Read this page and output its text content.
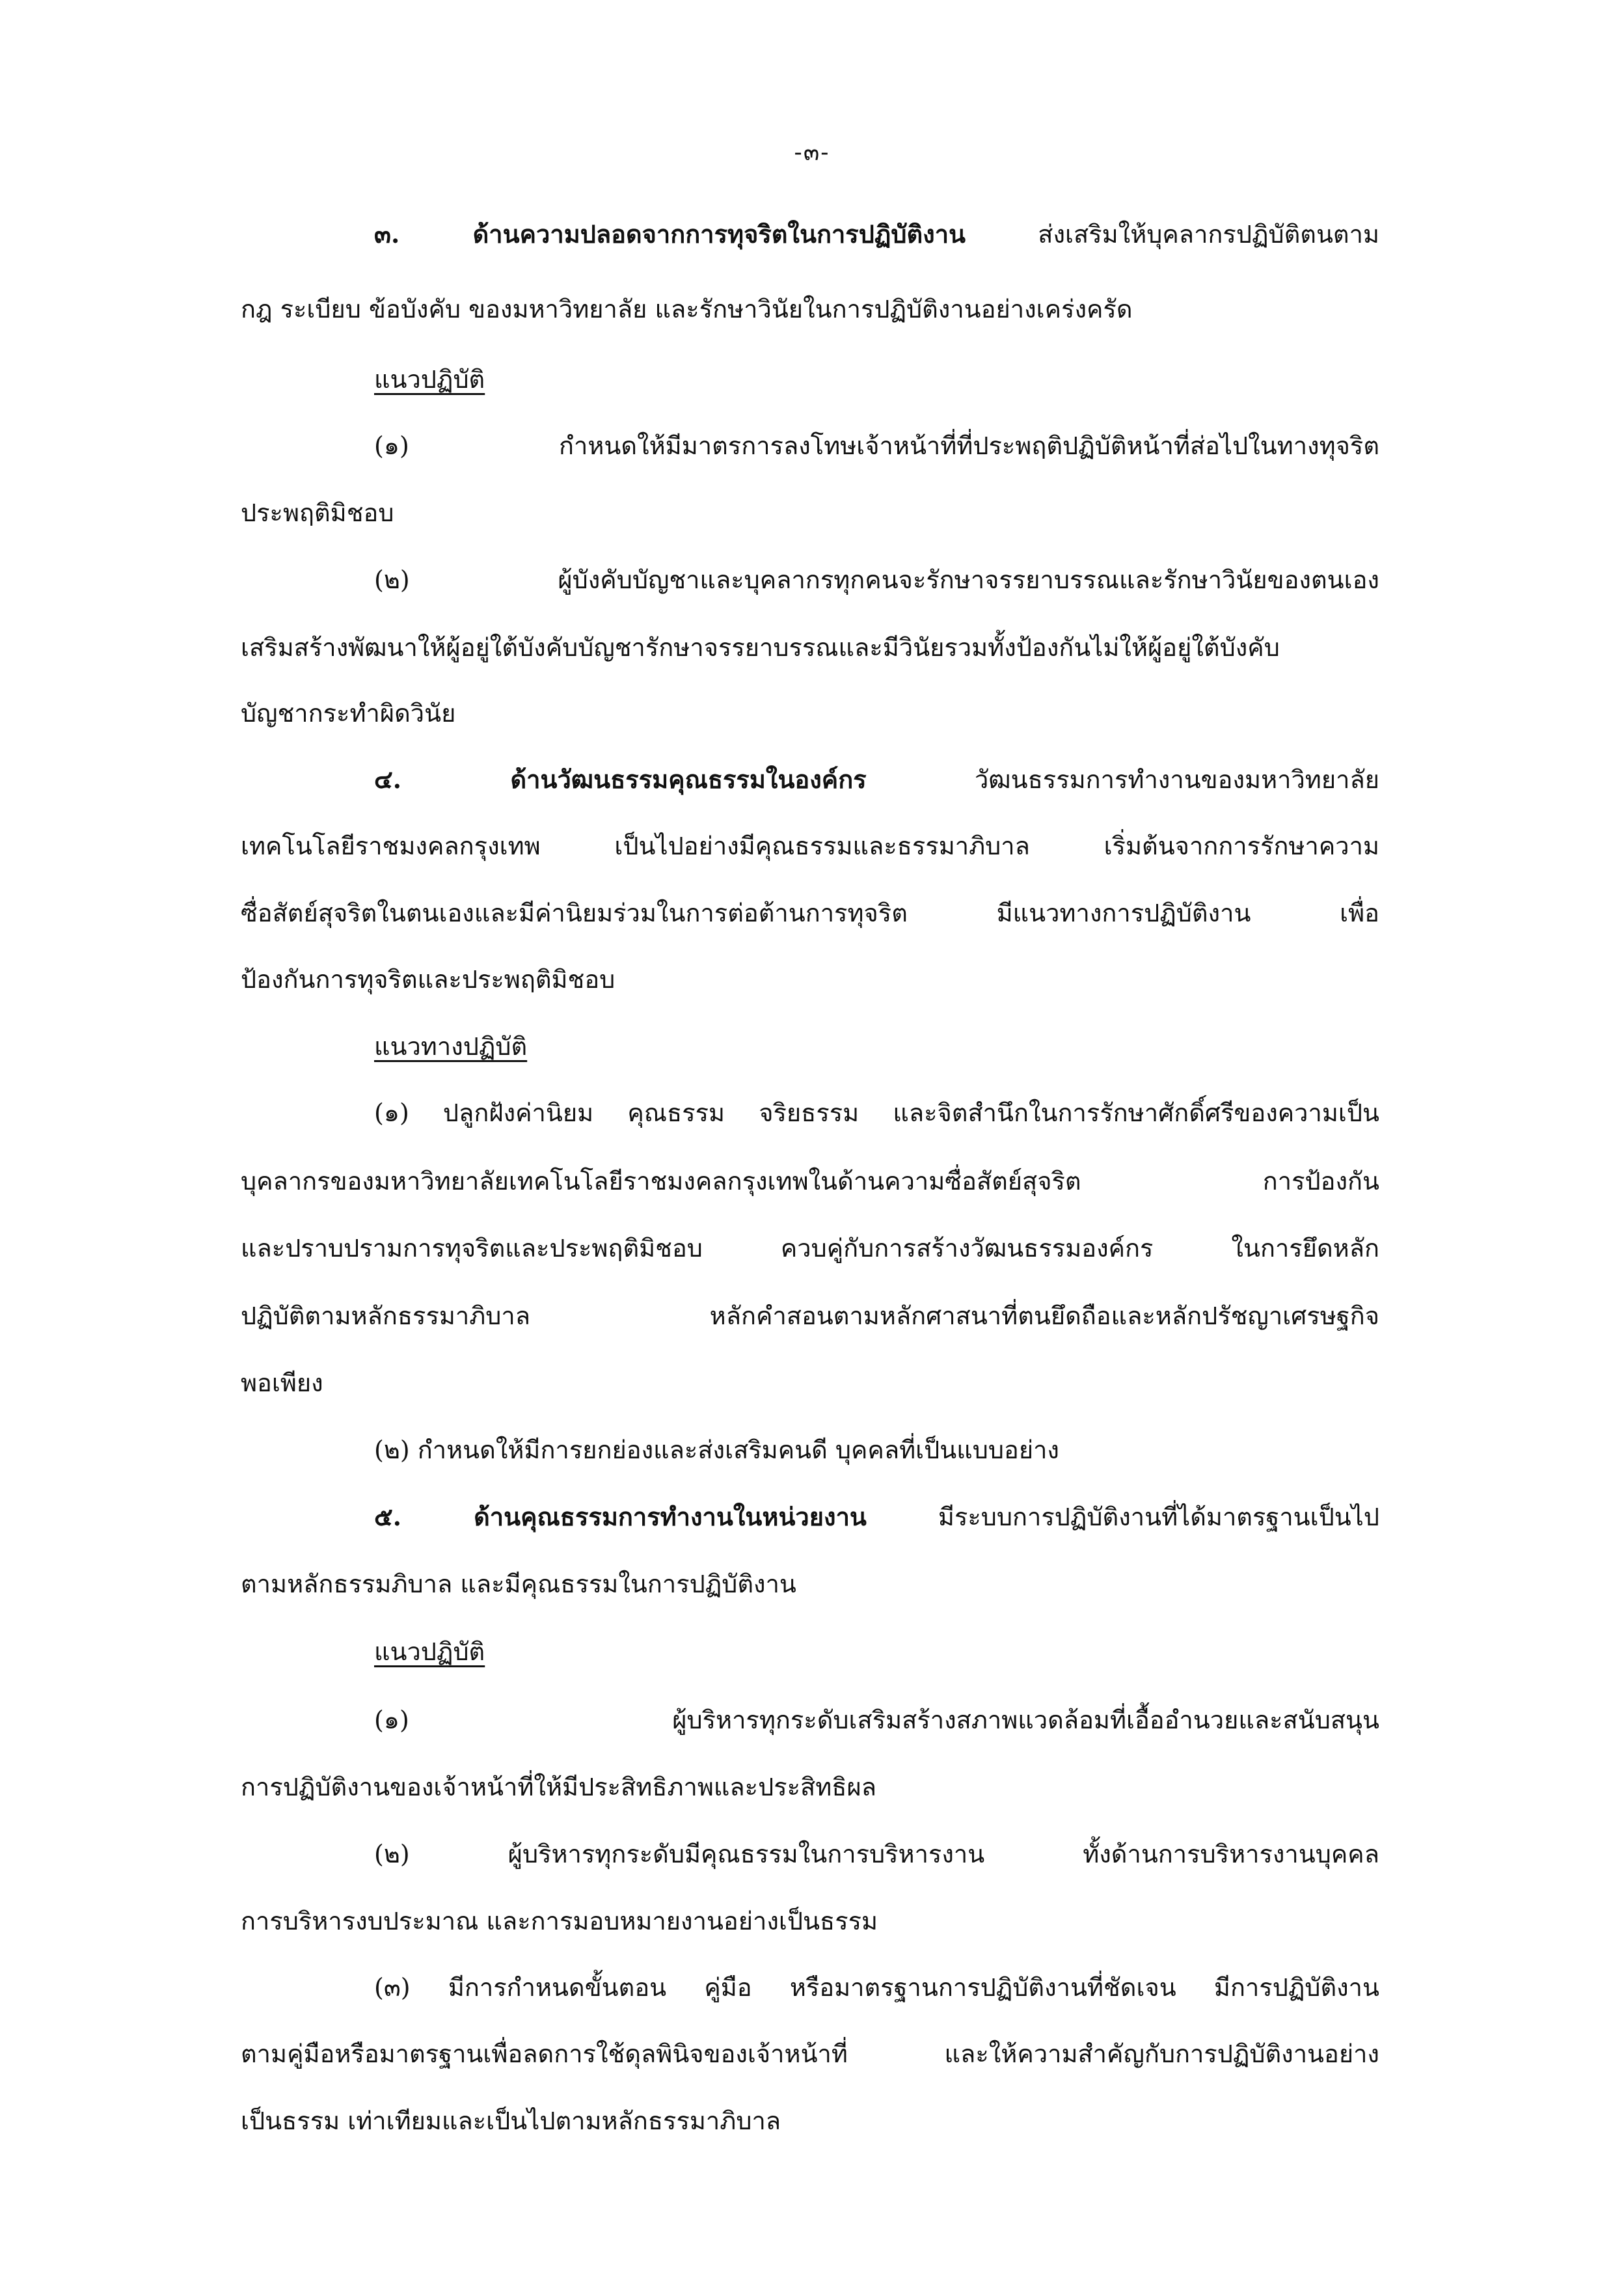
-๓-
๓. ด้านความปลอดจากการทุจริตในการปฏิบัติงาน ส่งเสริมให้บุคลากรปฏิบัติตนตาม
กฎ ระเบียบ ข้อบังคับ ของมหาวิทยาลัย และรักษาวินัยในการปฏิบัติงานอย่างเคร่งครัด
แนวปฏิบัติ
(๑) กำหนดให้มีมาตรการลงโทษเจ้าหน้าที่ที่ประพฤติปฏิบัติหน้าที่ส่อไปในทางทุจริต
ประพฤติมิชอบ
(๒) ผู้บังคับบัญชาและบุคลากรทุกคนจะรักษาจรรยาบรรณและรักษาวินัยของตนเอง
เสริมสร้างพัฒนาให้ผู้อยู่ใต้บังคับบัญชารักษาจรรยาบรรณและมีวินัยรวมทั้งป้องกันไม่ให้ผู้อยู่ใต้บังคับ
บัญชากระทำผิดวินัย
๔. ด้านวัฒนธรรมคุณธรรมในองค์กร วัฒนธรรมการทำงานของมหาวิทยาลัย
เทคโนโลยีราชมงคลกรุงเทพ เป็นไปอย่างมีคุณธรรมและธรรมาภิบาล เริ่มต้นจากการรักษาความ
ซื่อสัตย์สุจริตในตนเองและมีค่านิยมร่วมในการต่อต้านการทุจริต มีแนวทางการปฏิบัติงาน เพื่อ
ป้องกันการทุจริตและประพฤติมิชอบ
แนวทางปฏิบัติ
(๑) ปลูกฝังค่านิยม คุณธรรม จริยธรรม และจิตสำนึกในการรักษาศักดิ์ศรีของความเป็น
บุคลากรของมหาวิทยาลัยเทคโนโลยีราชมงคลกรุงเทพในด้านความซื่อสัตย์สุจริต การป้องกัน
และปราบปรามการทุจริตและประพฤติมิชอบ ควบคู่กับการสร้างวัฒนธรรมองค์กร ในการยึดหลัก
ปฏิบัติตามหลักธรรมาภิบาล หลักคำสอนตามหลักศาสนาที่ตนยึดถือและหลักปรัชญาเศรษฐกิจ
พอเพียง
(๒) กำหนดให้มีการยกย่องและส่งเสริมคนดี บุคคลที่เป็นแบบอย่าง
๕. ด้านคุณธรรมการทำงานในหน่วยงาน มีระบบการปฏิบัติงานที่ได้มาตรฐานเป็นไป
ตามหลักธรรมภิบาล และมีคุณธรรมในการปฏิบัติงาน
แนวปฏิบัติ
(๑) ผู้บริหารทุกระดับเสริมสร้างสภาพแวดล้อมที่เอื้ออำนวยและสนับสนุน
การปฏิบัติงานของเจ้าหน้าที่ให้มีประสิทธิภาพและประสิทธิผล
(๒) ผู้บริหารทุกระดับมีคุณธรรมในการบริหารงาน ทั้งด้านการบริหารงานบุคคล
การบริหารงบประมาณ และการมอบหมายงานอย่างเป็นธรรม
(๓) มีการกำหนดขั้นตอน คู่มือ หรือมาตรฐานการปฏิบัติงานที่ชัดเจน มีการปฏิบัติงาน
ตามคู่มือหรือมาตรฐานเพื่อลดการใช้ดุลพินิจของเจ้าหน้าที่ และให้ความสำคัญกับการปฏิบัติงานอย่าง
เป็นธรรม เท่าเทียมและเป็นไปตามหลักธรรมาภิบาล
